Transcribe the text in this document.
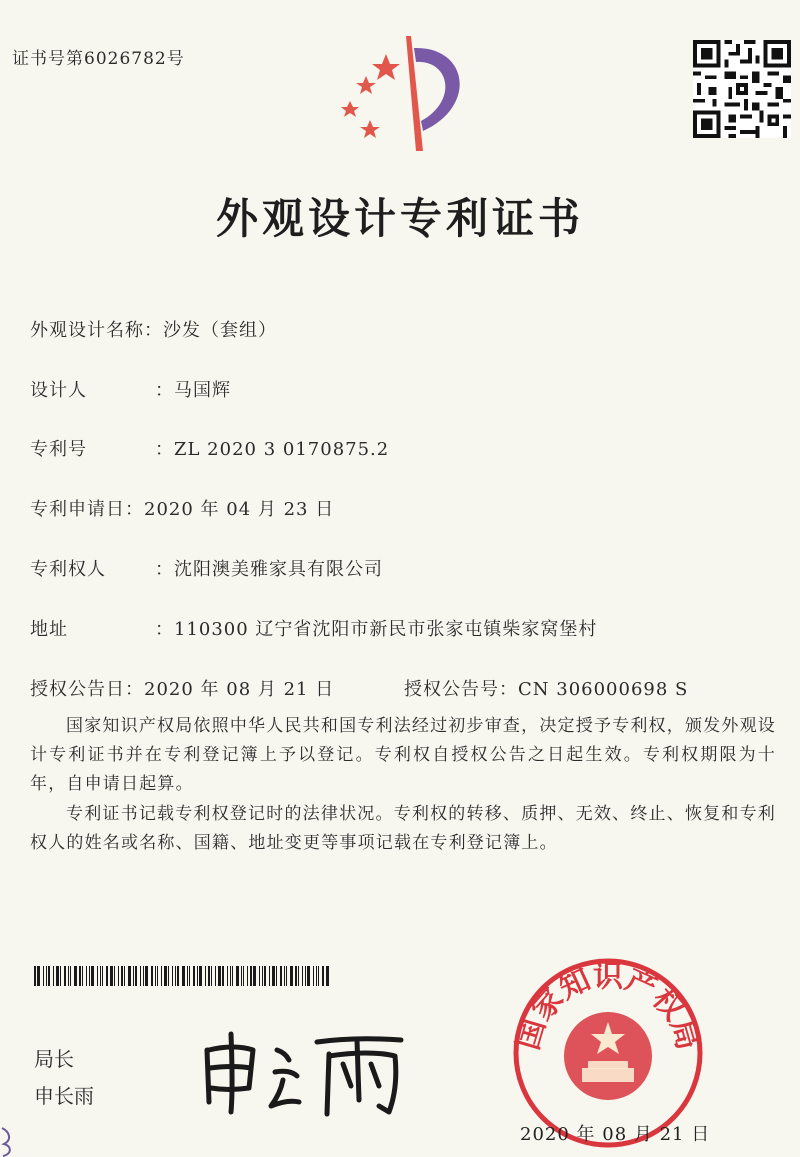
证书号第6026782号
外观设计专利证书
外观设计名称：沙发（套组）
设计人	：马国辉
专利号	：ZL 2020 3 0170875.2
专利申请日：2020 年 04 月 23 日
专利权人	：沈阳澳美雅家具有限公司
地址	：110300 辽宁省沈阳市新民市张家屯镇柴家窝堡村
授权公告日：2020 年 08 月 21 日	授权公告号：CN 306000698 S
国家知识产权局依照中华人民共和国专利法经过初步审查，决定授予专利权，颁发外观设计专利证书并在专利登记簿上予以登记。专利权自授权公告之日起生效。专利权期限为十年，自申请日起算。
专利证书记载专利权登记时的法律状况。专利权的转移、质押、无效、终止、恢复和专利权人的姓名或名称、国籍、地址变更等事项记载在专利登记簿上。
局长
申长雨
国家知识产权局
2020 年 08 月 21 日
